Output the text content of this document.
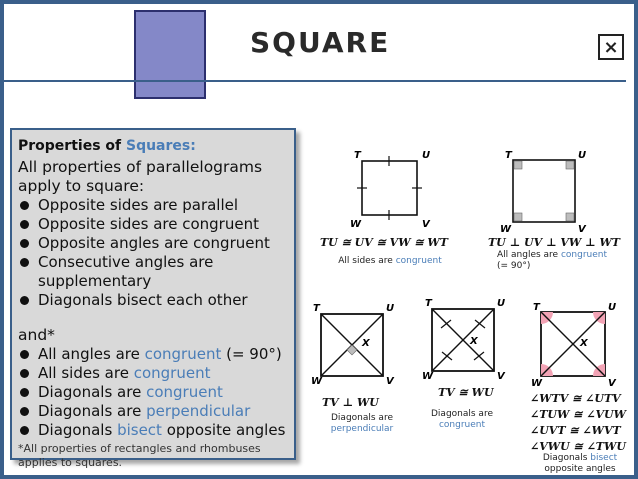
SQUARE	×
Properties of Squares:
All properties of parallelograms apply to square:
Opposite sides are parallel
Opposite sides are congruent
Opposite angles are congruent
Consecutive angles are supplementary
Diagonals bisect each other
and*
All angles are congruent (= 90°)
All sides are congruent
Diagonals are congruent
Diagonals are perpendicular
Diagonals bisect opposite angles
*All properties of rectangles and rhombuses applies to squares.
T	U
W	V
T	U
W	V
T	U
W	V
X
T	U
W	V
X
T	U
W	V
X
TU ≅ UV ≅ VW ≅ WT
All sides are congruent
TU ⊥ UV ⊥ VW ⊥ WT
All angles are congruent
(= 90°)
TV ⊥ WU
Diagonals are
perpendicular
TV ≅ WU
Diagonals are
congruent
∠WTV ≅ ∠UTV
∠TUW ≅ ∠VUW
∠UVT ≅ ∠WVT
∠VWU ≅ ∠TWU
Diagonals bisect
opposite angles
